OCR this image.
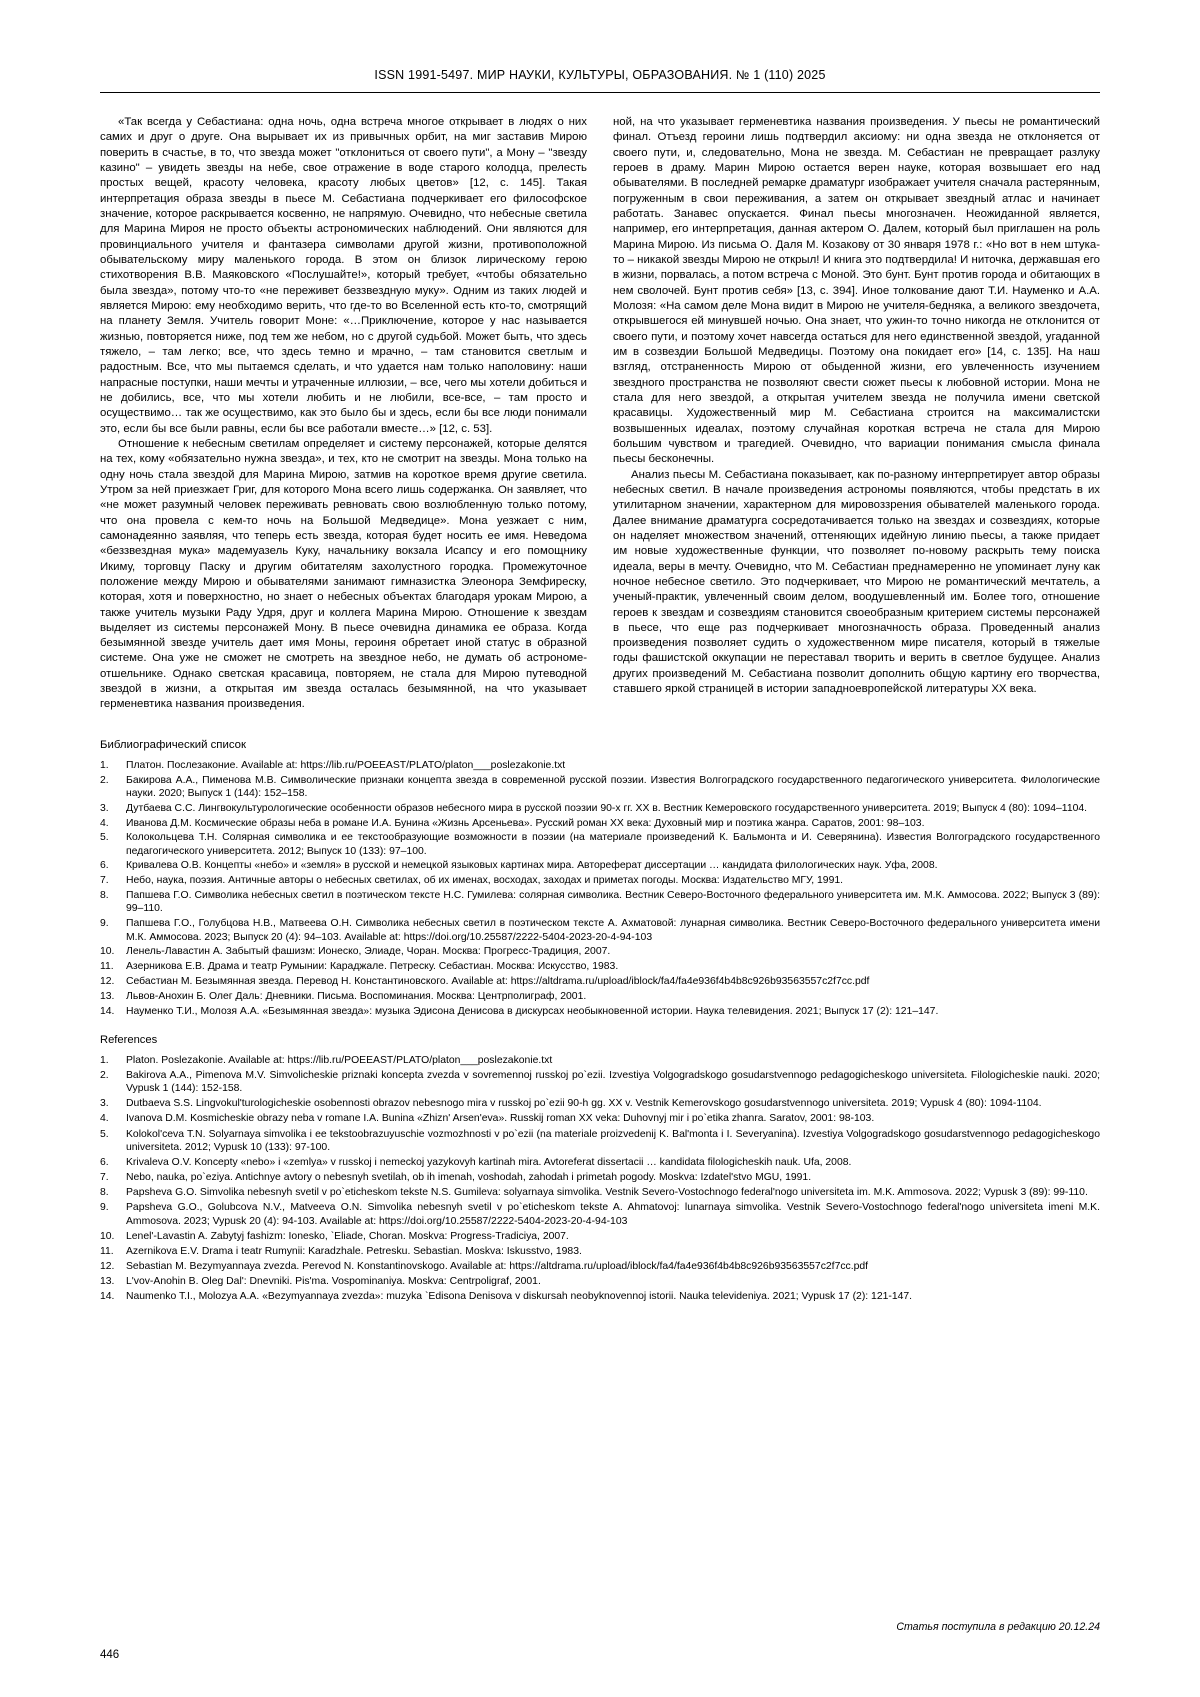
ISSN 1991-5497. МИР НАУКИ, КУЛЬТУРЫ, ОБРАЗОВАНИЯ. № 1 (110) 2025

«Так всегда у Себастиана: одна ночь, одна встреча многое открывает в людях о них самих и друг о друге. Она вырывает их из привычных орбит, на миг заставив Мирою поверить в счастье, в то, что звезда может "отклониться от своего пути", а Мону – "звезду казино" – увидеть звезды на небе, свое отражение в воде старого колодца, прелесть простых вещей, красоту человека, красоту любых цветов» [12, с. 145]. Такая интерпретация образа звезды в пьесе М. Себастиана подчеркивает его философское значение, которое раскрывается косвенно, не напрямую. Очевидно, что небесные светила для Марина Мироя не просто объекты астрономических наблюдений. Они являются для провинциального учителя и фантазера символами другой жизни, противоположной обывательскому миру маленького города. В этом он близок лирическому герою стихотворения В.В. Маяковского «Послушайте!», который требует, «чтобы обязательно была звезда», потому что-то «не переживет беззвездную муку». Одним из таких людей и является Мирою: ему необходимо верить, что где-то во Вселенной есть кто-то, смотрящий на планету Земля. Учитель говорит Моне: «…Приключение, которое у нас называется жизнью, повторяется ниже, под тем же небом, но с другой судьбой. Может быть, что здесь тяжело, – там легко; все, что здесь темно и мрачно, – там становится светлым и радостным. Все, что мы пытаемся сделать, и что удается нам только наполовину: наши напрасные поступки, наши мечты и утраченные иллюзии, – все, чего мы хотели добиться и не добились, все, что мы хотели любить и не любили, все-все, – там просто и осуществимо… так же осуществимо, как это было бы и здесь, если бы все люди понимали это, если бы все были равны, если бы все работали вместе…» [12, с. 53].

Отношение к небесным светилам определяет и систему персонажей, которые делятся на тех, кому «обязательно нужна звезда», и тех, кто не смотрит на звезды. Мона только на одну ночь стала звездой для Марина Мирою, затмив на короткое время другие светила. Утром за ней приезжает Григ, для которого Мона всего лишь содержанка. Он заявляет, что «не может разумный человек переживать ревновать свою возлюбленную только потому, что она провела с кем-то ночь на Большой Медведице». Мона уезжает с ним, самонадеянно заявляя, что теперь есть звезда, которая будет носить ее имя. Неведома «беззвездная мука» мадемуазель Куку, начальнику вокзала Исапсу и его помощнику Икиму, торговцу Паску и другим обитателям захолустного городка. Промежуточное положение между Мирою и обывателями занимают гимназистка Элеонора Земфиреску, которая, хотя и поверхностно, но знает о небесных объектах благодаря урокам Мирою, а также учитель музыки Раду Удря, друг и коллега Марина Мирою. Отношение к звездам выделяет из системы персонажей Мону. В пьесе очевидна динамика ее образа. Когда безымянной звезде учитель дает имя Моны, героиня обретает иной статус в образной системе. Она уже не сможет не смотреть на звездное небо, не думать об астрономе-отшельнике. Однако светская красавица, повторяем, не стала для Мирою путеводной звездой в жизни, а открытая им звезда осталась безымянной, на что указывает герменевтика названия произведения.

ной, на что указывает герменевтика названия произведения. У пьесы не романтический финал. Отъезд героини лишь подтвердил аксиому: ни одна звезда не отклоняется от своего пути, и, следовательно, Мона не звезда. М. Себастиан не превращает разлуку героев в драму. Марин Мирою остается верен науке, которая возвышает его над обывателями. В последней ремарке драматург изображает учителя сначала растерянным, погруженным в свои переживания, а затем он открывает звездный атлас и начинает работать. Занавес опускается. Финал пьесы многозначен. Неожиданной является, например, его интерпретация, данная актером О. Далем, который был приглашен на роль Марина Мирою. Из письма О. Даля М. Козакову от 30 января 1978 г.: «Но вот в нем штука-то – никакой звезды Мирою не открыл! И книга это подтвердила! И ниточка, державшая его в жизни, порвалась, а потом встреча с Моной. Это бунт. Бунт против города и обитающих в нем сволочей. Бунт против себя» [13, с. 394]. Иное толкование дают Т.И. Науменко и А.А. Молозя: «На самом деле Мона видит в Мирою не учителя-бедняка, а великого звездочета, открывшегося ей минувшей ночью. Она знает, что ужин-то точно никогда не отклонится от своего пути, и поэтому хочет навсегда остаться для него единственной звездой, угаданной им в созвездии Большой Медведицы. Поэтому она покидает его» [14, с. 135]. На наш взгляд, отстраненность Мирою от обыденной жизни, его увлеченность изучением звездного пространства не позволяют свести сюжет пьесы к любовной истории. Мона не стала для него звездой, а открытая учителем звезда не получила имени светской красавицы. Художественный мир М. Себастиана строится на максималистски возвышенных идеалах, поэтому случайная короткая встреча не стала для Мирою большим чувством и трагедией. Очевидно, что вариации понимания смысла финала пьесы бесконечны.

Анализ пьесы М. Себастиана показывает, как по-разному интерпретирует автор образы небесных светил. В начале произведения астрономы появляются, чтобы предстать в их утилитарном значении, характерном для мировоззрения обывателей маленького города. Далее внимание драматурга сосредотачивается только на звездах и созвездиях, которые он наделяет множеством значений, оттеняющих идейную линию пьесы, а также придает им новые художественные функции, что позволяет по-новому раскрыть тему поиска идеала, веры в мечту. Очевидно, что М. Себастиан преднамеренно не упоминает луну как ночное небесное светило. Это подчеркивает, что Мирою не романтический мечтатель, а ученый-практик, увлеченный своим делом, воодушевленный им. Более того, отношение героев к звездам и созвездиям становится своеобразным критерием системы персонажей в пьесе, что еще раз подчеркивает многозначность образа. Проведенный анализ произведения позволяет судить о художественном мире писателя, который в тяжелые годы фашистской оккупации не переставал творить и верить в светлое будущее. Анализ других произведений М. Себастиана позволит дополнить общую картину его творчества, ставшего яркой страницей в истории западноевропейской литературы XX века.

Библиографический список
1.	Платон. Послезаконие. Available at: https://lib.ru/POEEAST/PLATO/platon___poslezakonie.txt
2.	Бакирова А.А., Пименова М.В. Символические признаки концепта звезда в современной русской поэзии. Известия Волгоградского государственного педагогического университета. Филологические науки. 2020; Выпуск 1 (144): 152–158.
3.	Дутбаева С.С. Лингвокультурологические особенности образов небесного мира в русской поэзии 90-х гг. XX в. Вестник Кемеровского государственного университета. 2019; Выпуск 4 (80): 1094–1104.
4.	Иванова Д.М. Космические образы неба в романе И.А. Бунина «Жизнь Арсеньева». Русский роман XX века: Духовный мир и поэтика жанра. Саратов, 2001: 98–103.
5.	Колокольцева Т.Н. Солярная символика и ее текстообразующие возможности в поэзии (на материале произведений К. Бальмонта и И. Северянина). Известия Волгоградского государственного педагогического университета. 2012; Выпуск 10 (133): 97–100.
6.	Кривалева О.В. Концепты «небо» и «земля» в русской и немецкой языковых картинах мира. Автореферат диссертации … кандидата филологических наук. Уфа, 2008.
7.	Небо, наука, поэзия. Античные авторы о небесных светилах, об их именах, восходах, заходах и приметах погоды. Москва: Издательство МГУ, 1991.
8.	Папшева Г.О. Символика небесных светил в поэтическом тексте Н.С. Гумилева: солярная символика. Вестник Северо-Восточного федерального университета им. М.К. Аммосова. 2022; Выпуск 3 (89): 99–110.
9.	Папшева Г.О., Голубцова Н.В., Матвеева О.Н. Символика небесных светил в поэтическом тексте А. Ахматовой: лунарная символика. Вестник Северо-Восточного федерального университета имени М.К. Аммосова. 2023; Выпуск 20 (4): 94–103. Available at: https://doi.org/10.25587/2222-5404-2023-20-4-94-103
10.	Ленель-Лавастин А. Забытый фашизм: Ионеско, Элиаде, Чоран. Москва: Прогресс-Традиция, 2007.
11.	Азерникова Е.В. Драма и театр Румынии: Караджале. Петреску. Себастиан. Москва: Искусство, 1983.
12.	Себастиан М. Безымянная звезда. Перевод Н. Константиновского. Available at: https://altdrama.ru/upload/iblock/fa4/fa4e936f4b4b8c926b93563557c2f7cc.pdf
13.	Львов-Анохин Б. Олег Даль: Дневники. Письма. Воспоминания. Москва: Центрполиграф, 2001.
14.	Науменко Т.И., Молозя А.А. «Безымянная звезда»: музыка Эдисона Денисова в дискурсах необыкновенной истории. Наука телевидения. 2021; Выпуск 17 (2): 121–147.
References
1.	Platon. Poslezakonie. Available at: https://lib.ru/POEEAST/PLATO/platon___poslezakonie.txt
2.	Bakirova A.A., Pimenova M.V. Simvolicheskie priznaki koncepta zvezda v sovremennoj russkoj po`ezii. Izvestiya Volgogradskogo gosudarstvennogo pedagogicheskogo universiteta. Filologicheskie nauki. 2020; Vypusk 1 (144): 152-158.
3.	Dutbaeva S.S. Lingvokul'turologicheskie osobennosti obrazov nebesnogo mira v russkoj po`ezii 90-h gg. XX v. Vestnik Kemerovskogo gosudarstvennogo universiteta. 2019; Vypusk 4 (80): 1094-1104.
4.	Ivanova D.M. Kosmicheskie obrazy neba v romane I.A. Bunina «Zhizn' Arsen'eva». Russkij roman XX veka: Duhovnyj mir i po`etika zhanra. Saratov, 2001: 98-103.
5.	Kolokol'ceva T.N. Solyarnaya simvolika i ee tekstoobrazuyuschie vozmozhnosti v po`ezii (na materiale proizvedenij K. Bal'monta i I. Severyanina). Izvestiya Volgogradskogo gosudarstvennogo pedagogicheskogo universiteta. 2012; Vypusk 10 (133): 97-100.
6.	Krivaleva O.V. Koncepty «nebo» i «zemlya» v russkoj i nemeckoj yazykovyh kartinah mira. Avtoreferat dissertacii … kandidata filologicheskih nauk. Ufa, 2008.
7.	Nebo, nauka, po`eziya. Antichnye avtory o nebesnyh svetilah, ob ih imenah, voshodah, zahodah i primetah pogody. Moskva: Izdatel'stvo MGU, 1991.
8.	Papsheva G.O. Simvolika nebesnyh svetil v po`eticheskom tekste N.S. Gumileva: solyarnaya simvolika. Vestnik Severo-Vostochnogo federal'nogo universiteta im. M.K. Ammosova. 2022; Vypusk 3 (89): 99-110.
9.	Papsheva G.O., Golubcova N.V., Matveeva O.N. Simvolika nebesnyh svetil v po`eticheskom tekste A. Ahmatovoj: lunarnaya simvolika. Vestnik Severo-Vostochnogo federal'nogo universiteta imeni M.K. Ammosova. 2023; Vypusk 20 (4): 94-103. Available at: https://doi.org/10.25587/2222-5404-2023-20-4-94-103
10.	Lenel'-Lavastin A. Zabytyj fashizm: Ionesko, `Eliade, Choran. Moskva: Progress-Tradiciya, 2007.
11.	Azernikova E.V. Drama i teatr Rumynii: Karadzhale. Petresku. Sebastian. Moskva: Iskusstvo, 1983.
12.	Sebastian M. Bezymyannaya zvezda. Perevod N. Konstantinovskogo. Available at: https://altdrama.ru/upload/iblock/fa4/fa4e936f4b4b8c926b93563557c2f7cc.pdf
13.	L'vov-Anohin B. Oleg Dal': Dnevniki. Pis'ma. Vospominaniya. Moskva: Centrpoligraf, 2001.
14.	Naumenko T.I., Molozya A.A. «Bezymyannaya zvezda»: muzyka `Edisona Denisova v diskursah neobyknovennoj istorii. Nauka televideniya. 2021; Vypusk 17 (2): 121-147.
Статья поступила в редакцию 20.12.24
446
